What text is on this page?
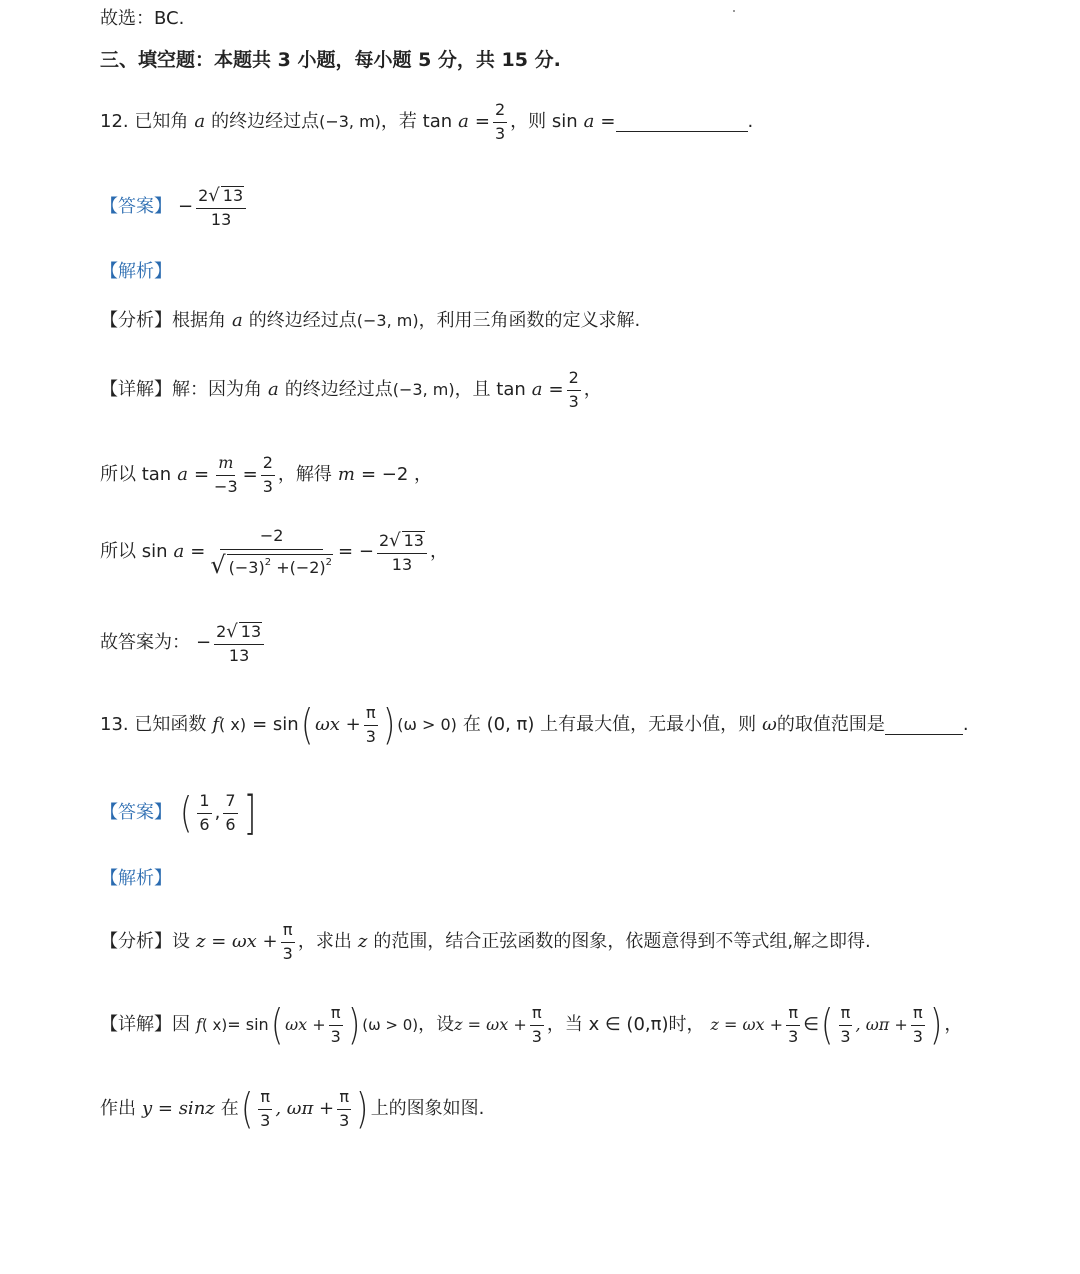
故选：BC.
三、填空题：本题共 3 小题，每小题 5 分，共 15 分.
12. 已知角 a 的终边经过点 (−3, m) ，若 $\tan a = \frac{2}{3}$ ，则 sin a =	.
【答案】 − $\frac{2 √ 13}{13}$
【解析】
【分析】 根据角 a 的终边经过点 (−3, m) ，利用三角函数的定义求解.
【详解】 解：因为角 a 的终边经过点 (−3, m) ，且 $\tan a = \frac{2}{3}$ ，
所以 $\tan a = \frac{m}{-3} = \frac{2}{3}$ ，解得 m = −2 ，
所以 $\sin a = \frac{-2}{√ (-3)^2 +(-2)^2}$ = − $\frac{2 √ 13}{13}$ ，
故答案为： − $\frac{2 √ 13}{13}$
13. 已知函数 f ( x) = sin ( $\omega x + \frac{\pi}{3}$ ) (ω > 0) 在 (0, π) 上有最大值，无最小值，则 ω 的取值范围是	.
【答案】 ( $\frac{1}{6}$ , $\frac{7}{6}$ ]
【解析】
【分析】 设 $z = \omega x + \frac{\pi}{3}$ ，求出 z 的范围，结合正弦函数的图象，依题意得到不等式组,解之即得.
【详解】 因 f ( x) = sin ( $\omega x + \frac{\pi}{3}$ ) (ω > 0) ，设 $z = \omega x + \frac{\pi}{3}$ ，当 x ∈ (0,π)时， $z = \omega x + \frac{\pi}{3}$ ∈ ( $\frac{\pi}{3}$ , $\omega\pi + \frac{\pi}{3}$ ) ，
作出 y = sinz 在 ( $\frac{\pi}{3}$ , $\omega\pi + \frac{\pi}{3}$ ) 上的图象如图.
